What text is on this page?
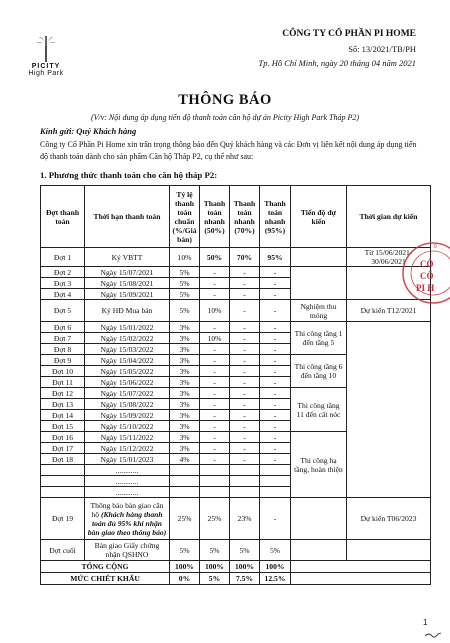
PICITY
High Park
CÔNG TY CỔ PHẦN PI HOME
Số: 13/2021/TB/PH
Tp. Hồ Chí Minh, ngày 20 tháng 04 năm 2021
THÔNG BÁO
(V/v: Nội dung áp dụng tiến độ thanh toán căn hộ dự án Picity High Park Tháp P2)
Kính gửi: Quý Khách hàng
Công ty Cổ Phần Pi Home xin trân trọng thông báo đến Quý khách hàng và các Đơn vị liên kết nội dung áp dụng tiến độ thanh toán dành cho sản phẩm Căn hộ Tháp P2, cụ thể như sau:
1. Phương thức thanh toán cho căn hộ tháp P2:
Đợt thanh toán	Thời hạn thanh toán	Tỷ lệ thanh toán chuẩn (%/Giá bán)	Thanh toán nhanh (50%)	Thanh toán nhanh (70%)	Thanh toán nhanh (95%)	Tiến độ dự kiến	Thời gian dự kiến
Đợt 1	Ký VBTT	10%	50%	70%	95%		Từ 15/06/2021-30/06/2021
Đợt 2	Ngày 15/07/2021	5%	-	-	-		
Đợt 3	Ngày 15/08/2021	5%	-	-	-		
Đợt 4	Ngày 15/09/2021	5%	-	-	-		
Đợt 5	Ký HĐ Mua bán	5%	10%	-	-	Nghiệm thu móng	Dự kiến T12/2021
Đợt 6	Ngày 15/01/2022	3%	-	-	-	Thi công tầng 1 đến tầng 5	
Đợt 7	Ngày 15/02/2022	3%	10%	-	-		
Đợt 8	Ngày 15/03/2022	3%	-	-	-		
Đợt 9	Ngày 15/04/2022	3%	-	-	-	Thi công tầng 6 đến tầng 10	
Đợt 10	Ngày 15/05/2022	3%	-	-	-		
Đợt 11	Ngày 15/06/2022	3%	-	-	-		
Đợt 12	Ngày 15/07/2022	3%	-	-	-	Thi công tầng 11 đến cất nóc	
Đợt 13	Ngày 15/08/2022	3%	-	-	-		
Đợt 14	Ngày 15/09/2022	3%	-	-	-		
Đợt 15	Ngày 15/10/2022	3%	-	-	-		
Đợt 16	Ngày 15/11/2022	3%	-	-	-	Thi công hạ tầng, hoàn thiện	
Đợt 17	Ngày 15/12/2022	3%	-	-	-		
Đợt 18	Ngày 15/01/2023	4%	-	-	-		
	............						
	............						
	............						
Đợt 19	Thông báo bàn giao căn hộ (Khách hàng thanh toán đủ 95% khi nhận bàn giao theo thông báo)	25%	25%	23%	-		Dự kiến T06/2023
Đợt cuối	Bàn giao Giấy chứng nhận QSHNO	5%	5%	5%	5%		
TỔNG CỘNG		100%	100%	100%	100%		
MỨC CHIẾT KHẤU		0%	5%	7.5%	12.5%		
CÔ
CỔ
PI H
0
1
